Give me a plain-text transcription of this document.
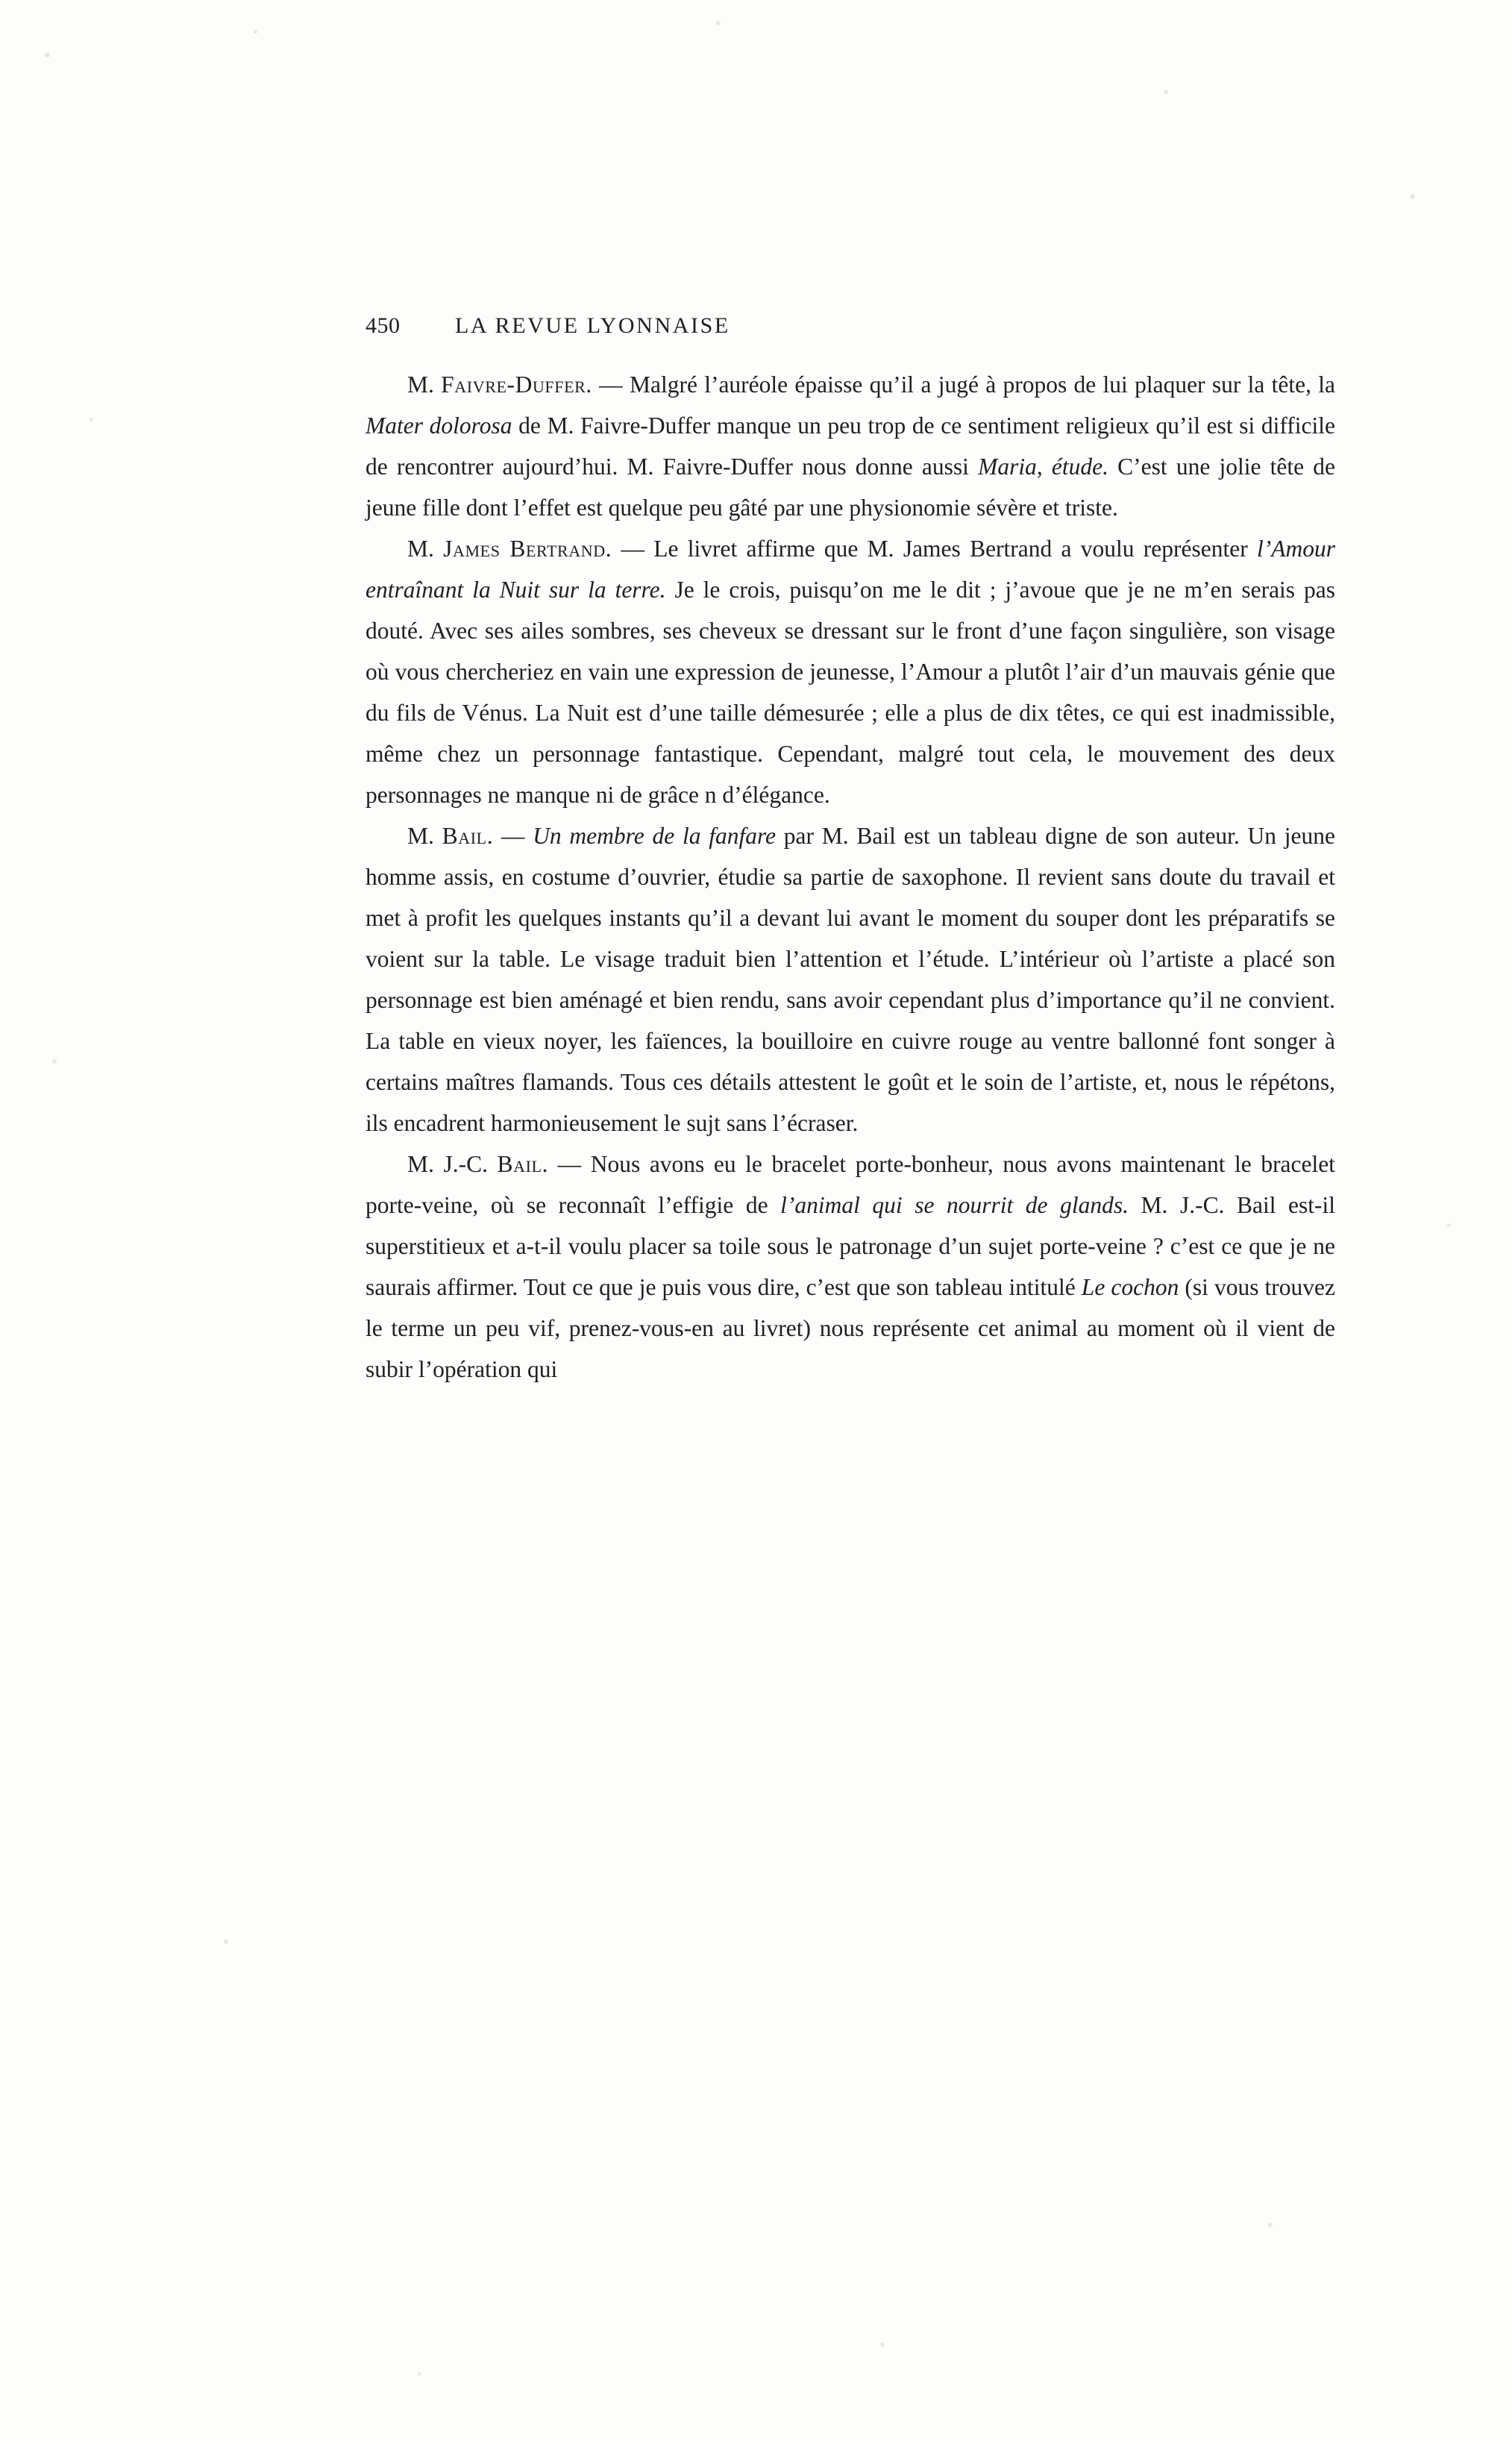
450	LA REVUE LYONNAISE

M. Faivre-Duffer. — Malgré l’auréole épaisse qu’il a jugé à propos de lui plaquer sur la tête, la Mater dolorosa de M. Faivre-Duffer manque un peu trop de ce sentiment religieux qu’il est si difficile de rencontrer aujourd’hui. M. Faivre-Duffer nous donne aussi Maria, étude. C’est une jolie tête de jeune fille dont l’effet est quelque peu gâté par une physionomie sévère et triste.

M. James Bertrand. — Le livret affirme que M. James Bertrand a voulu représenter l’Amour entraînant la Nuit sur la terre. Je le crois, puisqu’on me le dit ; j’avoue que je ne m’en serais pas douté. Avec ses ailes sombres, ses cheveux se dressant sur le front d’une façon singulière, son visage où vous chercheriez en vain une expression de jeunesse, l’Amour a plutôt l’air d’un mauvais génie que du fils de Vénus. La Nuit est d’une taille démesurée ; elle a plus de dix têtes, ce qui est inadmissible, même chez un personnage fantastique. Cependant, malgré tout cela, le mouvement des deux personnages ne manque ni de grâce n d’élégance.

M. Bail. — Un membre de la fanfare par M. Bail est un tableau digne de son auteur. Un jeune homme assis, en costume d’ouvrier, étudie sa partie de saxophone. Il revient sans doute du travail et met à profit les quelques instants qu’il a devant lui avant le moment du souper dont les préparatifs se voient sur la table. Le visage traduit bien l’attention et l’étude. L’intérieur où l’artiste a placé son personnage est bien aménagé et bien rendu, sans avoir cependant plus d’importance qu’il ne convient. La table en vieux noyer, les faïences, la bouilloire en cuivre rouge au ventre ballonné font songer à certains maîtres flamands. Tous ces détails attestent le goût et le soin de l’artiste, et, nous le répétons, ils encadrent harmonieusement le sujt sans l’écraser.

M. J.-C. Bail. — Nous avons eu le bracelet porte-bonheur, nous avons maintenant le bracelet porte-veine, où se reconnaît l’effigie de l’animal qui se nourrit de glands. M. J.-C. Bail est-il superstitieux et a-t-il voulu placer sa toile sous le patronage d’un sujet porte-veine ? c’est ce que je ne saurais affirmer. Tout ce que je puis vous dire, c’est que son tableau intitulé Le cochon (si vous trouvez le terme un peu vif, prenez-vous-en au livret) nous représente cet animal au moment où il vient de subir l’opération qui
